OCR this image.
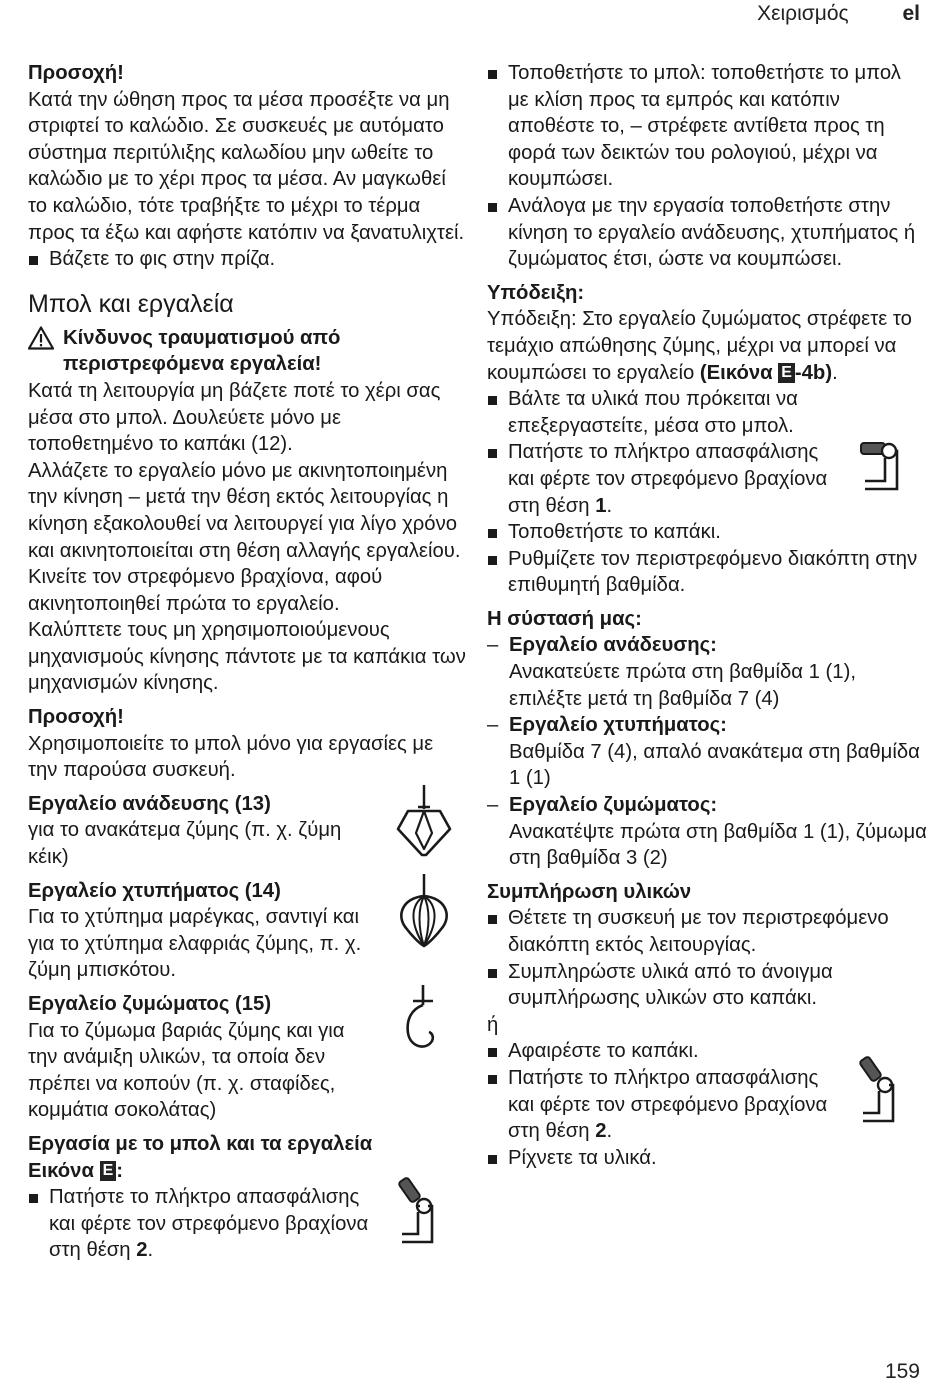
Χειρισμός	el

Προσοχή!

Κατά την ώθηση προς τα μέσα προσέξτε να μη στριφτεί το καλώδιο. Σε συσκευές με αυτόματο σύστημα περιτύλιξης καλωδίου μην ωθείτε το καλώδιο με το χέρι προς τα μέσα. Αν μαγκωθεί το καλώδιο, τότε τραβήξτε το μέχρι το τέρμα προς τα έξω και αφήστε κατόπιν να ξανατυλιχτεί.

Βάζετε το φις στην πρίζα.

Μπολ και εργαλεία
Κίνδυνος τραυματισμού από περιστρεφόμενα εργαλεία!

Κατά τη λειτουργία μη βάζετε ποτέ το χέρι σας μέσα στο μπολ. Δουλεύετε μόνο με τοποθετημένο το καπάκι (12).

Αλλάζετε το εργαλείο μόνο με ακινητοποιημένη την κίνηση – μετά την θέση εκτός λειτουργίας η κίνηση εξακολουθεί να λειτουργεί για λίγο χρόνο και ακινητοποιείται στη θέση αλλαγής εργαλείου. Κινείτε τον στρεφόμενο βραχίονα, αφού ακινητοποιηθεί πρώτα το εργαλείο.

Καλύπτετε τους μη χρησιμοποιούμενους μηχανισμούς κίνησης πάντοτε με τα καπάκια των μηχανισμών κίνησης.

Προσοχή!

Χρησιμοποιείτε το μπολ μόνο για εργασίες με την παρούσα συσκευή.

Εργαλείο ανάδευσης (13)

για το ανακάτεμα ζύμης (π. χ. ζύμη κέικ)

Εργαλείο χτυπήματος (14)

Για το χτύπημα μαρέγκας, σαντιγί και για το χτύπημα ελαφριάς ζύμης, π. χ. ζύμη μπισκότου.

Εργαλείο ζυμώματος (15)

Για το ζύμωμα βαριάς ζύμης και για την ανάμιξη υλικών, τα οποία δεν πρέπει να κοπούν (π. χ. σταφίδες, κομμάτια σοκολάτας)

Εργασία με το μπολ και τα εργαλεία

Εικόνα E :

Πατήστε το πλήκτρο απασφάλισης και φέρτε τον στρεφόμενο βραχίονα στη θέση 2.

Τοποθετήστε το μπολ: τοποθετήστε το μπολ με κλίση προς τα εμπρός και κατόπιν αποθέστε το, – στρέφετε αντίθετα προς τη φορά των δεικτών του ρολογιού, μέχρι να κουμπώσει.

Ανάλογα με την εργασία τοποθετήστε στην κίνηση το εργαλείο ανάδευσης, χτυπήματος ή ζυμώματος έτσι, ώστε να κουμπώσει.

Υπόδειξη:

Υπόδειξη: Στο εργαλείο ζυμώματος στρέφετε το τεμάχιο απώθησης ζύμης, μέχρι να μπορεί να κουμπώσει το εργαλείο (Εικόνα E -4b).

Βάλτε τα υλικά που πρόκειται να επεξεργαστείτε, μέσα στο μπολ.

Πατήστε το πλήκτρο απασφάλισης και φέρτε τον στρεφόμενο βραχίονα στη θέση 1.

Τοποθετήστε το καπάκι.

Ρυθμίζετε τον περιστρεφόμενο διακόπτη στην επιθυμητή βαθμίδα.

Η σύστασή μας:

– Εργαλείο ανάδευσης:

Ανακατεύετε πρώτα στη βαθμίδα 1 (1), επιλέξτε μετά τη βαθμίδα 7 (4)

– Εργαλείο χτυπήματος:

Βαθμίδα 7 (4), απαλό ανακάτεμα στη βαθμίδα 1 (1)

– Εργαλείο ζυμώματος:

Ανακατέψτε πρώτα στη βαθμίδα 1 (1), ζύμωμα στη βαθμίδα 3 (2)

Συμπλήρωση υλικών

Θέτετε τη συσκευή με τον περιστρεφόμενο διακόπτη εκτός λειτουργίας.

Συμπληρώστε υλικά από το άνοιγμα συμπλήρωσης υλικών στο καπάκι.

ή

Αφαιρέστε το καπάκι.

Πατήστε το πλήκτρο απασφάλισης και φέρτε τον στρεφόμενο βραχίονα στη θέση 2.

Ρίχνετε τα υλικά.

159
